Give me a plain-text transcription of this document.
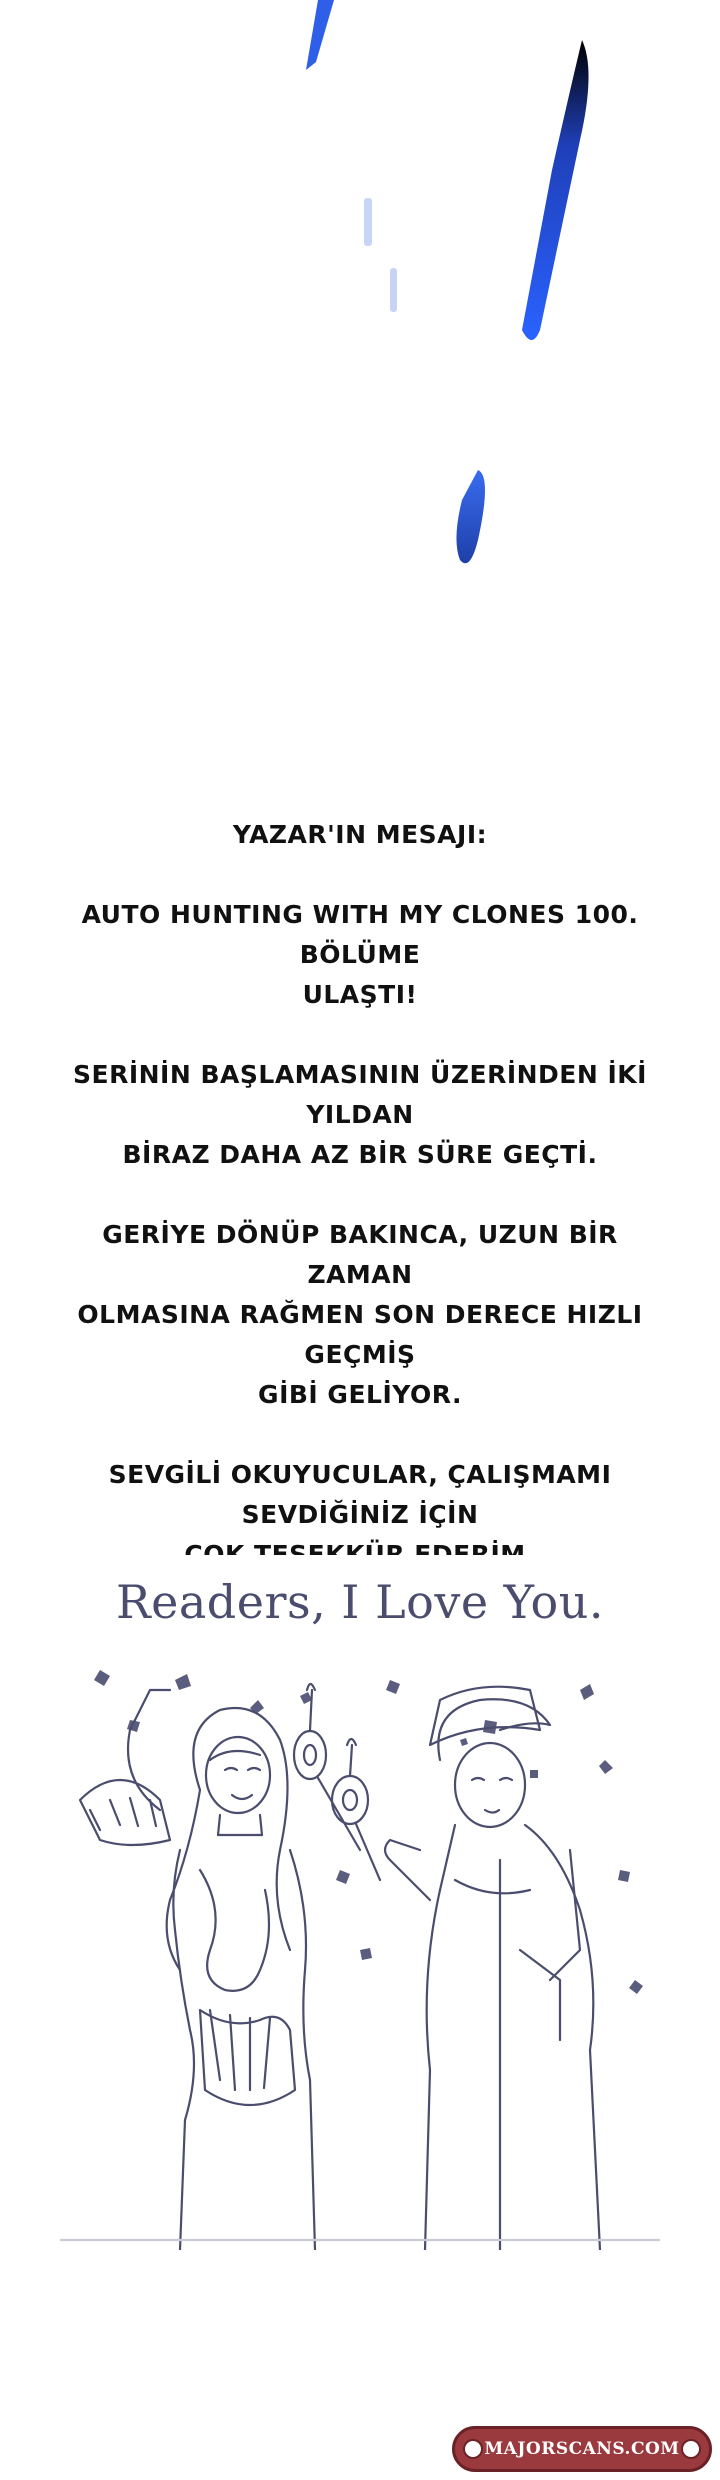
YAZAR'IN MESAJI:
AUTO HUNTING WITH MY CLONES 100. BÖLÜME
ULAŞTI!
SERİNİN BAŞLAMASININ ÜZERİNDEN İKİ YILDAN
BİRAZ DAHA AZ BİR SÜRE GEÇTİ.
GERİYE DÖNÜP BAKINCA, UZUN BİR ZAMAN
OLMASINA RAĞMEN SON DERECE HIZLI GEÇMİŞ
GİBİ GELİYOR.
SEVGİLİ OKUYUCULAR, ÇALIŞMAMI SEVDİĞİNİZ İÇİN

Readers, I Love You.
MAJORSCANS.COM
